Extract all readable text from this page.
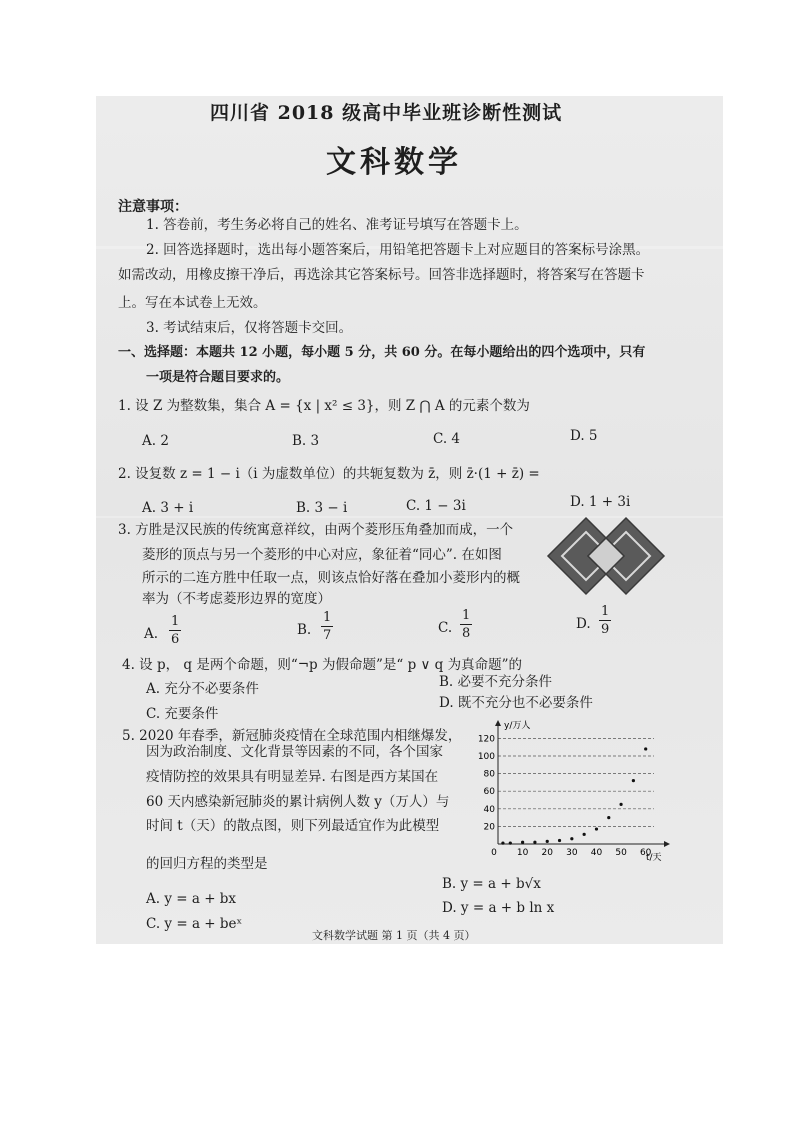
四川省 2018 级高中毕业班诊断性测试
文科数学
注意事项：
1. 答卷前，考生务必将自己的姓名、准考证号填写在答题卡上。
2. 回答选择题时，选出每小题答案后，用铅笔把答题卡上对应题目的答案标号涂黑。
如需改动，用橡皮擦干净后，再选涂其它答案标号。回答非选择题时，将答案写在答题卡
上。写在本试卷上无效。
3. 考试结束后，仅将答题卡交回。
一、选择题：本题共 12 小题，每小题 5 分，共 60 分。在每小题给出的四个选项中，只有
一项是符合题目要求的。
1. 设 Z 为整数集，集合 A = {x | x² ≤ 3}，则 Z ⋂ A 的元素个数为
A. 2	B. 3	C. 4	D. 5
2. 设复数 z = 1 − i（i 为虚数单位）的共轭复数为 z̄，则 z̄·(1 + z̄) =
A. 3 + i	B. 3 − i	C. 1 − 3i	D. 1 + 3i
3. 方胜是汉民族的传统寓意祥纹，由两个菱形压角叠加而成，一个
菱形的顶点与另一个菱形的中心对应，象征着“同心”. 在如图
所示的二连方胜中任取一点，则该点恰好落在叠加小菱形内的概
率为（不考虑菱形边界的宽度）
A.
1
6
B.
1
7	C.
1
8
D.
1
9
4. 设 p， q 是两个命题，则“¬p 为假命题”是“ p ∨ q 为真命题”的
A. 充分不必要条件	B. 必要不充分条件
C. 充要条件
D. 既不充分也不必要条件
5. 2020 年春季，新冠肺炎疫情在全球范围内相继爆发，
因为政治制度、文化背景等因素的不同，各个国家
疫情防控的效果具有明显差异. 右图是西方某国在
60 天内感染新冠肺炎的累计病例人数 y（万人）与
时间 t（天）的散点图，则下列最适宜作为此模型
的回归方程的类型是
20
40
60
80
100
120
0 10 20 30 40 50 60
y/万人
t/天
B. y = a + b√x
A. y = a + bx
D. y = a + b ln x
C. y = a + beˣ
文科数学试题 第 1 页（共 4 页）
